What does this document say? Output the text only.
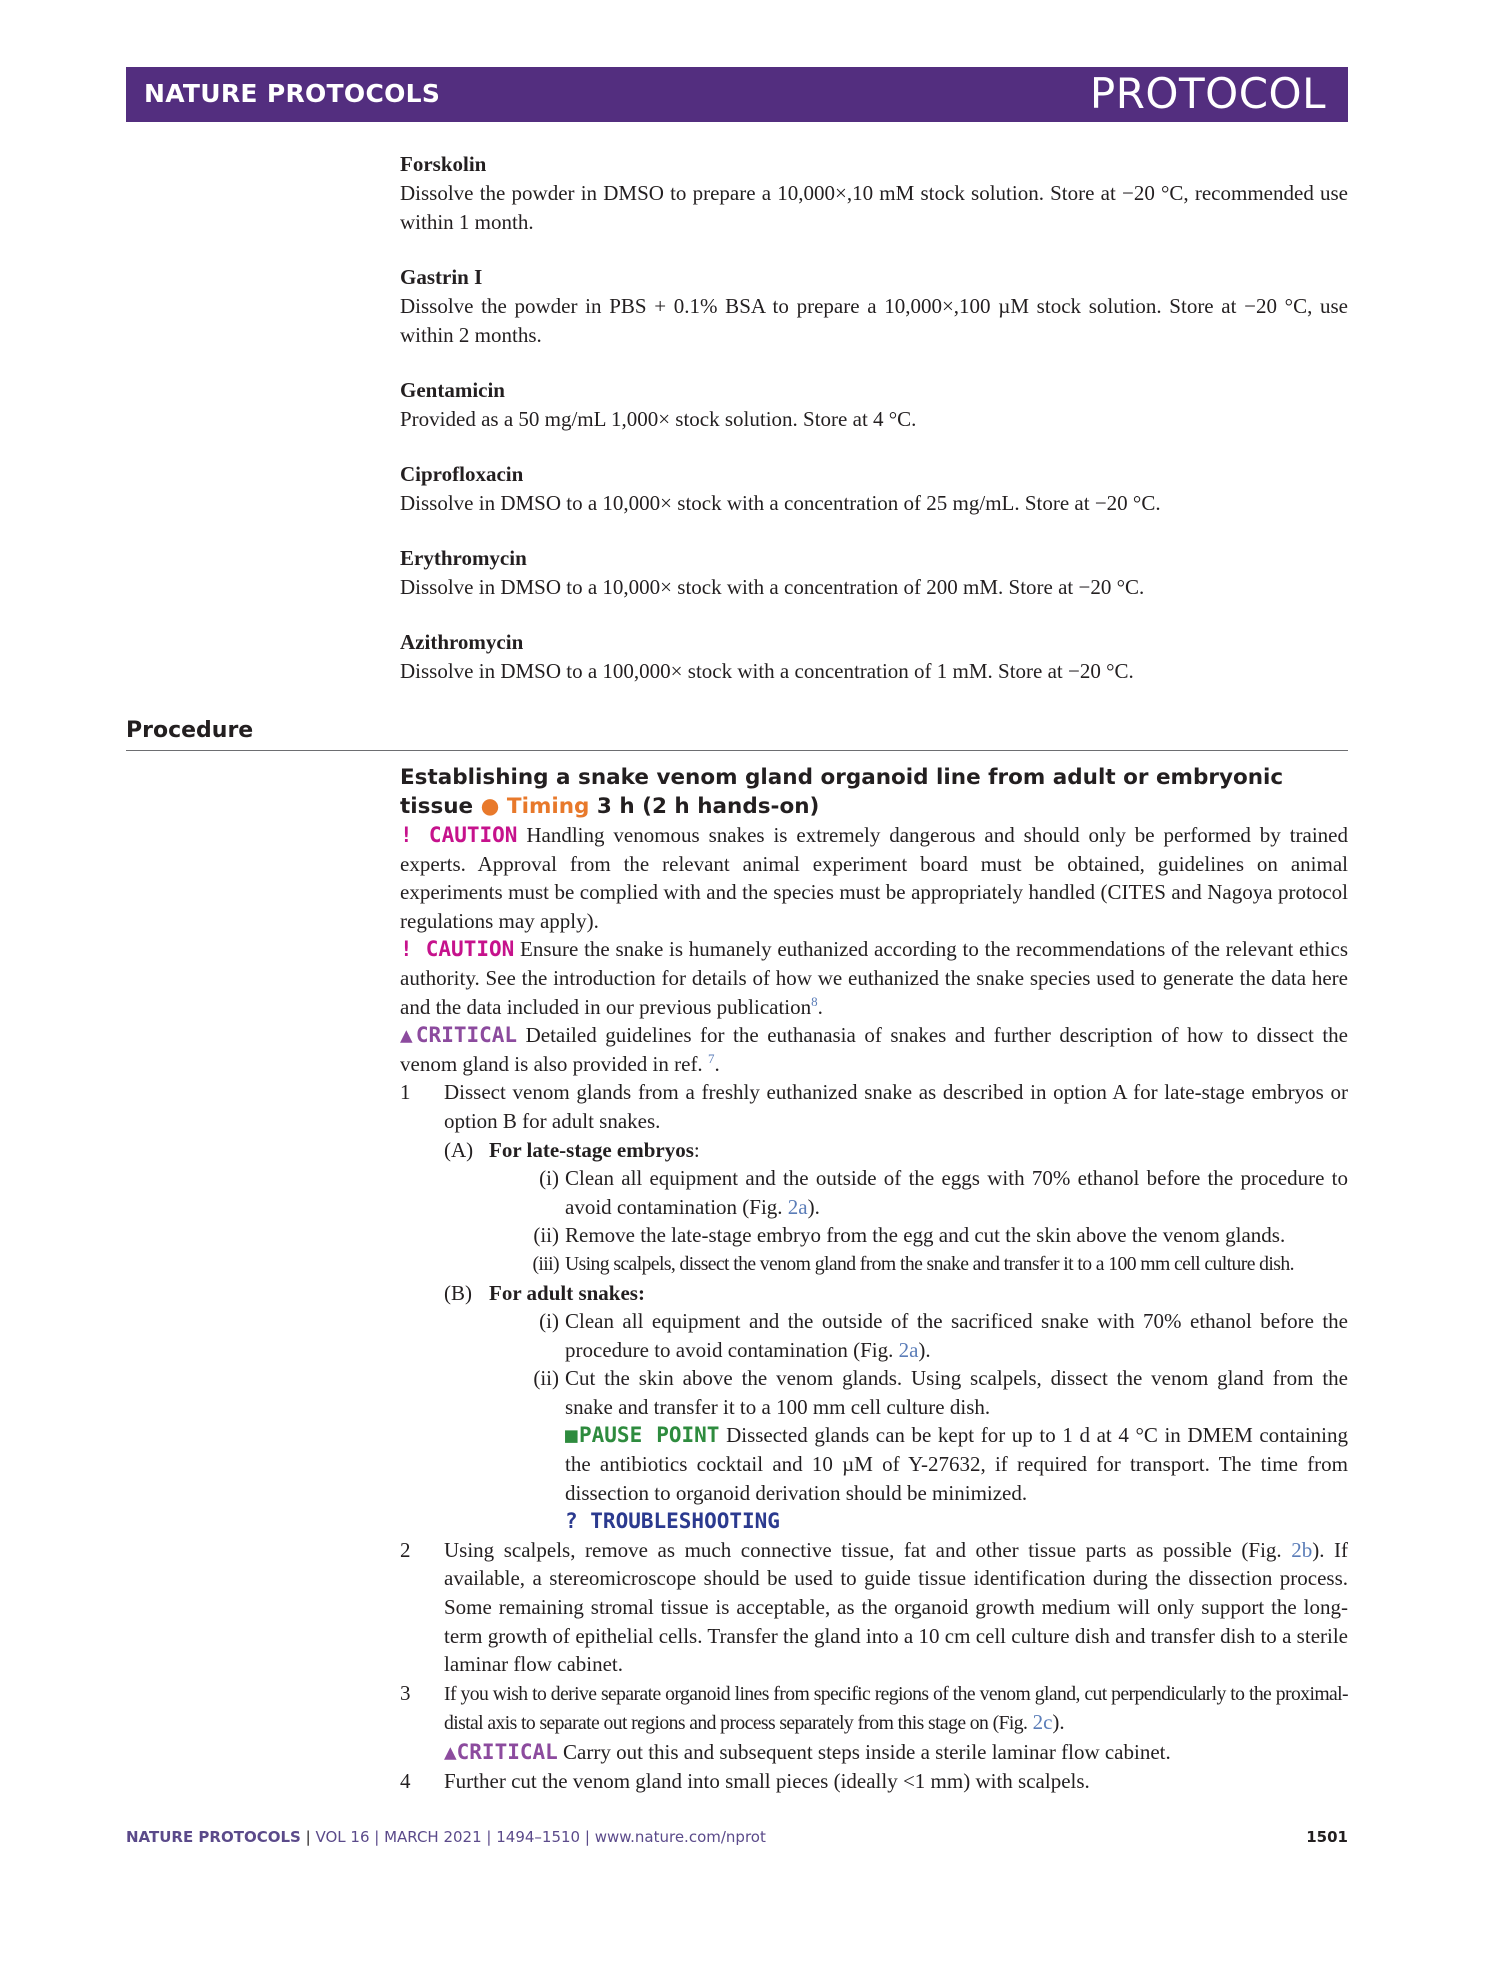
NATURE PROTOCOLS	PROTOCOL
Forskolin
Dissolve the powder in DMSO to prepare a 10,000×,10 mM stock solution. Store at −20 °C, recommended use within 1 month.
Gastrin I
Dissolve the powder in PBS + 0.1% BSA to prepare a 10,000×,100 µM stock solution. Store at −20 °C, use within 2 months.
Gentamicin
Provided as a 50 mg/mL 1,000× stock solution. Store at 4 °C.
Ciprofloxacin
Dissolve in DMSO to a 10,000× stock with a concentration of 25 mg/mL. Store at −20 °C.
Erythromycin
Dissolve in DMSO to a 10,000× stock with a concentration of 200 mM. Store at −20 °C.
Azithromycin
Dissolve in DMSO to a 100,000× stock with a concentration of 1 mM. Store at −20 °C.
Procedure
Establishing a snake venom gland organoid line from adult or embryonic tissue ● Timing 3 h (2 h hands-on)
! CAUTION Handling venomous snakes is extremely dangerous and should only be performed by trained experts. Approval from the relevant animal experiment board must be obtained, guidelines on animal experiments must be complied with and the species must be appropriately handled (CITES and Nagoya protocol regulations may apply).
! CAUTION Ensure the snake is humanely euthanized according to the recommendations of the relevant ethics authority. See the introduction for details of how we euthanized the snake species used to generate the data here and the data included in our previous publication$^8$.
▲CRITICAL Detailed guidelines for the euthanasia of snakes and further description of how to dissect the venom gland is also provided in ref. $^7$.
1 Dissect venom glands from a freshly euthanized snake as described in option A for late-stage embryos or option B for adult snakes.
(A) For late-stage embryos:
(i) Clean all equipment and the outside of the eggs with 70% ethanol before the procedure to avoid contamination (Fig. 2a).
(ii) Remove the late-stage embryo from the egg and cut the skin above the venom glands.
(iii) Using scalpels, dissect the venom gland from the snake and transfer it to a 100 mm cell culture dish.
(B) For adult snakes:
(i) Clean all equipment and the outside of the sacrificed snake with 70% ethanol before the procedure to avoid contamination (Fig. 2a).
(ii) Cut the skin above the venom glands. Using scalpels, dissect the venom gland from the snake and transfer it to a 100 mm cell culture dish.
■PAUSE POINT Dissected glands can be kept for up to 1 d at 4 °C in DMEM containing the antibiotics cocktail and 10 µM of Y-27632, if required for transport. The time from dissection to organoid derivation should be minimized.
? TROUBLESHOOTING
2 Using scalpels, remove as much connective tissue, fat and other tissue parts as possible (Fig. 2b). If available, a stereomicroscope should be used to guide tissue identification during the dissection process. Some remaining stromal tissue is acceptable, as the organoid growth medium will only support the long-term growth of epithelial cells. Transfer the gland into a 10 cm cell culture dish and transfer dish to a sterile laminar flow cabinet.
3 If you wish to derive separate organoid lines from specific regions of the venom gland, cut perpendicularly to the proximal-distal axis to separate out regions and process separately from this stage on (Fig. 2c).
▲CRITICAL Carry out this and subsequent steps inside a sterile laminar flow cabinet.
4 Further cut the venom gland into small pieces (ideally <1 mm) with scalpels.
NATURE PROTOCOLS | VOL 16 | MARCH 2021 | 1494–1510 | www.nature.com/nprot	1501
